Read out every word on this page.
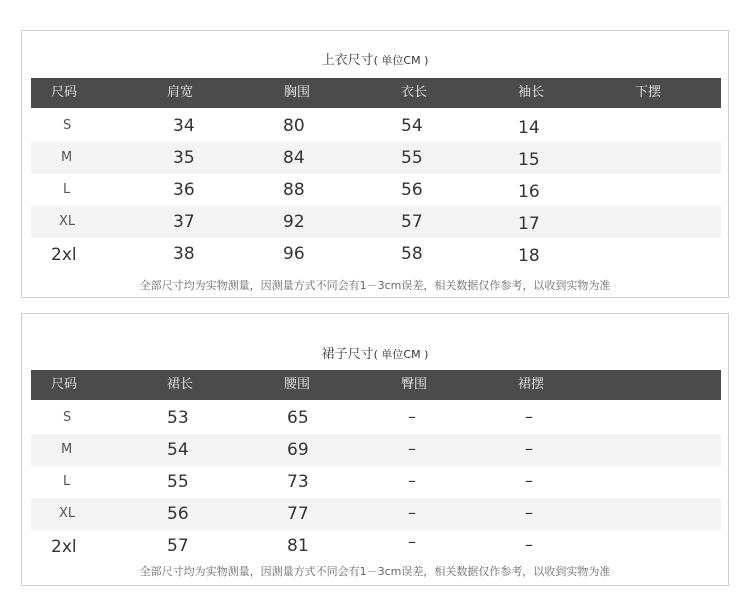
上衣尺寸( 单位CM )
尺码	肩宽	胸围	衣长	袖长	下摆
S	34	80	54	14
M	35	84	55	15
L	36	88	56	16
XL	37	92	57	17
2xl	38	96	58	18
全部尺寸均为实物测量，因测量方式不同会有1－3cm误差，相关数据仅作参考，以收到实物为准
裙子尺寸( 单位CM )
尺码	裙长	腰围	臀围	裙摆
S	53	65	–	–
M	54	69	–	–
L	55	73	–	–
XL	56	77	–	–
2xl	57	81	–	–
全部尺寸均为实物测量，因测量方式不同会有1－3cm误差，相关数据仅作参考，以收到实物为准
